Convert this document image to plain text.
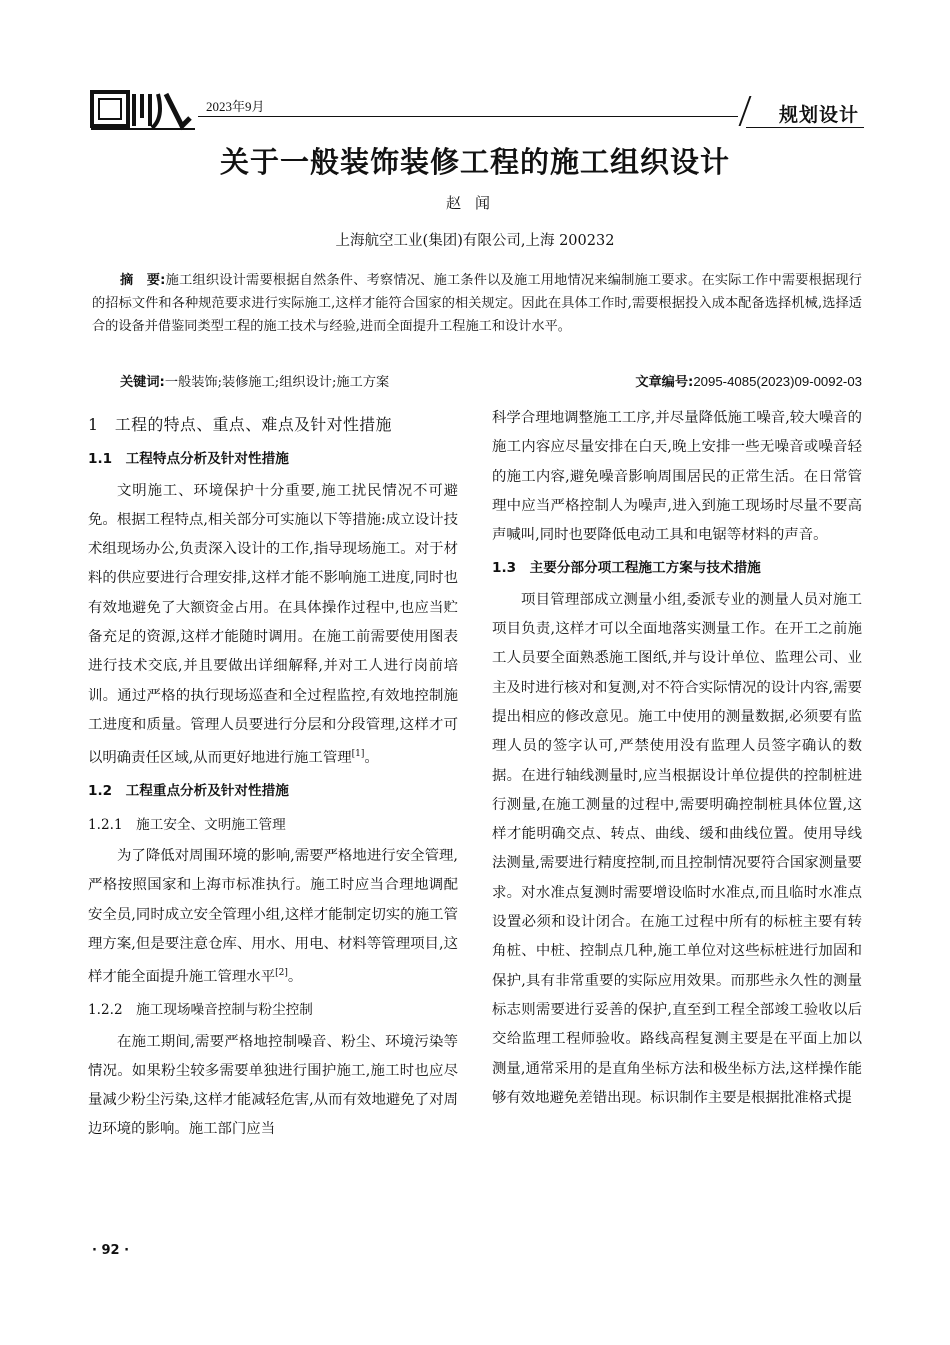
2023年9月	规划设计
关于一般装饰装修工程的施工组织设计
赵闻
上海航空工业(集团)有限公司,上海 200232
摘　要:施工组织设计需要根据自然条件、考察情况、施工条件以及施工用地情况来编制施工要求。在实际工作中需要根据现行的招标文件和各种规范要求进行实际施工,这样才能符合国家的相关规定。因此在具体工作时,需要根据投入成本配备选择机械,选择适合的设备并借鉴同类型工程的施工技术与经验,进而全面提升工程施工和设计水平。
关键词:一般装饰;装修施工;组织设计;施工方案	文章编号:2095-4085(2023)09-0092-03
1　工程的特点、重点、难点及针对性措施
1.1　工程特点分析及针对性措施

文明施工、环境保护十分重要,施工扰民情况不可避免。根据工程特点,相关部分可实施以下等措施:成立设计技术组现场办公,负责深入设计的工作,指导现场施工。对于材料的供应要进行合理安排,这样才能不影响施工进度,同时也有效地避免了大额资金占用。在具体操作过程中,也应当贮备充足的资源,这样才能随时调用。在施工前需要使用图表进行技术交底,并且要做出详细解释,并对工人进行岗前培训。通过严格的执行现场巡查和全过程监控,有效地控制施工进度和质量。管理人员要进行分层和分段管理,这样才可以明确责任区域,从而更好地进行施工管理[1]。

1.2　工程重点分析及针对性措施
1.2.1　施工安全、文明施工管理

为了降低对周围环境的影响,需要严格地进行安全管理,严格按照国家和上海市标准执行。施工时应当合理地调配安全员,同时成立安全管理小组,这样才能制定切实的施工管理方案,但是要注意仓库、用水、用电、材料等管理项目,这样才能全面提升施工管理水平[2]。

1.2.2　施工现场噪音控制与粉尘控制

在施工期间,需要严格地控制噪音、粉尘、环境污染等情况。如果粉尘较多需要单独进行围护施工,施工时也应尽量减少粉尘污染,这样才能减轻危害,从而有效地避免了对周边环境的影响。施工部门应当

科学合理地调整施工工序,并尽量降低施工噪音,较大噪音的施工内容应尽量安排在白天,晚上安排一些无噪音或噪音轻的施工内容,避免噪音影响周围居民的正常生活。在日常管理中应当严格控制人为噪声,进入到施工现场时尽量不要高声喊叫,同时也要降低电动工具和电锯等材料的声音。

1.3　主要分部分项工程施工方案与技术措施

项目管理部成立测量小组,委派专业的测量人员对施工项目负责,这样才可以全面地落实测量工作。在开工之前施工人员要全面熟悉施工图纸,并与设计单位、监理公司、业主及时进行核对和复测,对不符合实际情况的设计内容,需要提出相应的修改意见。施工中使用的测量数据,必须要有监理人员的签字认可,严禁使用没有监理人员签字确认的数据。在进行轴线测量时,应当根据设计单位提供的控制桩进行测量,在施工测量的过程中,需要明确控制桩具体位置,这样才能明确交点、转点、曲线、缓和曲线位置。使用导线法测量,需要进行精度控制,而且控制情况要符合国家测量要求。对水准点复测时需要增设临时水准点,而且临时水准点设置必须和设计闭合。在施工过程中所有的标桩主要有转角桩、中桩、控制点几种,施工单位对这些标桩进行加固和保护,具有非常重要的实际应用效果。而那些永久性的测量标志则需要进行妥善的保护,直至到工程全部竣工验收以后交给监理工程师验收。路线高程复测主要是在平面上加以测量,通常采用的是直角坐标方法和极坐标方法,这样操作能够有效地避免差错出现。标识制作主要是根据批准格式提

· 92 ·
